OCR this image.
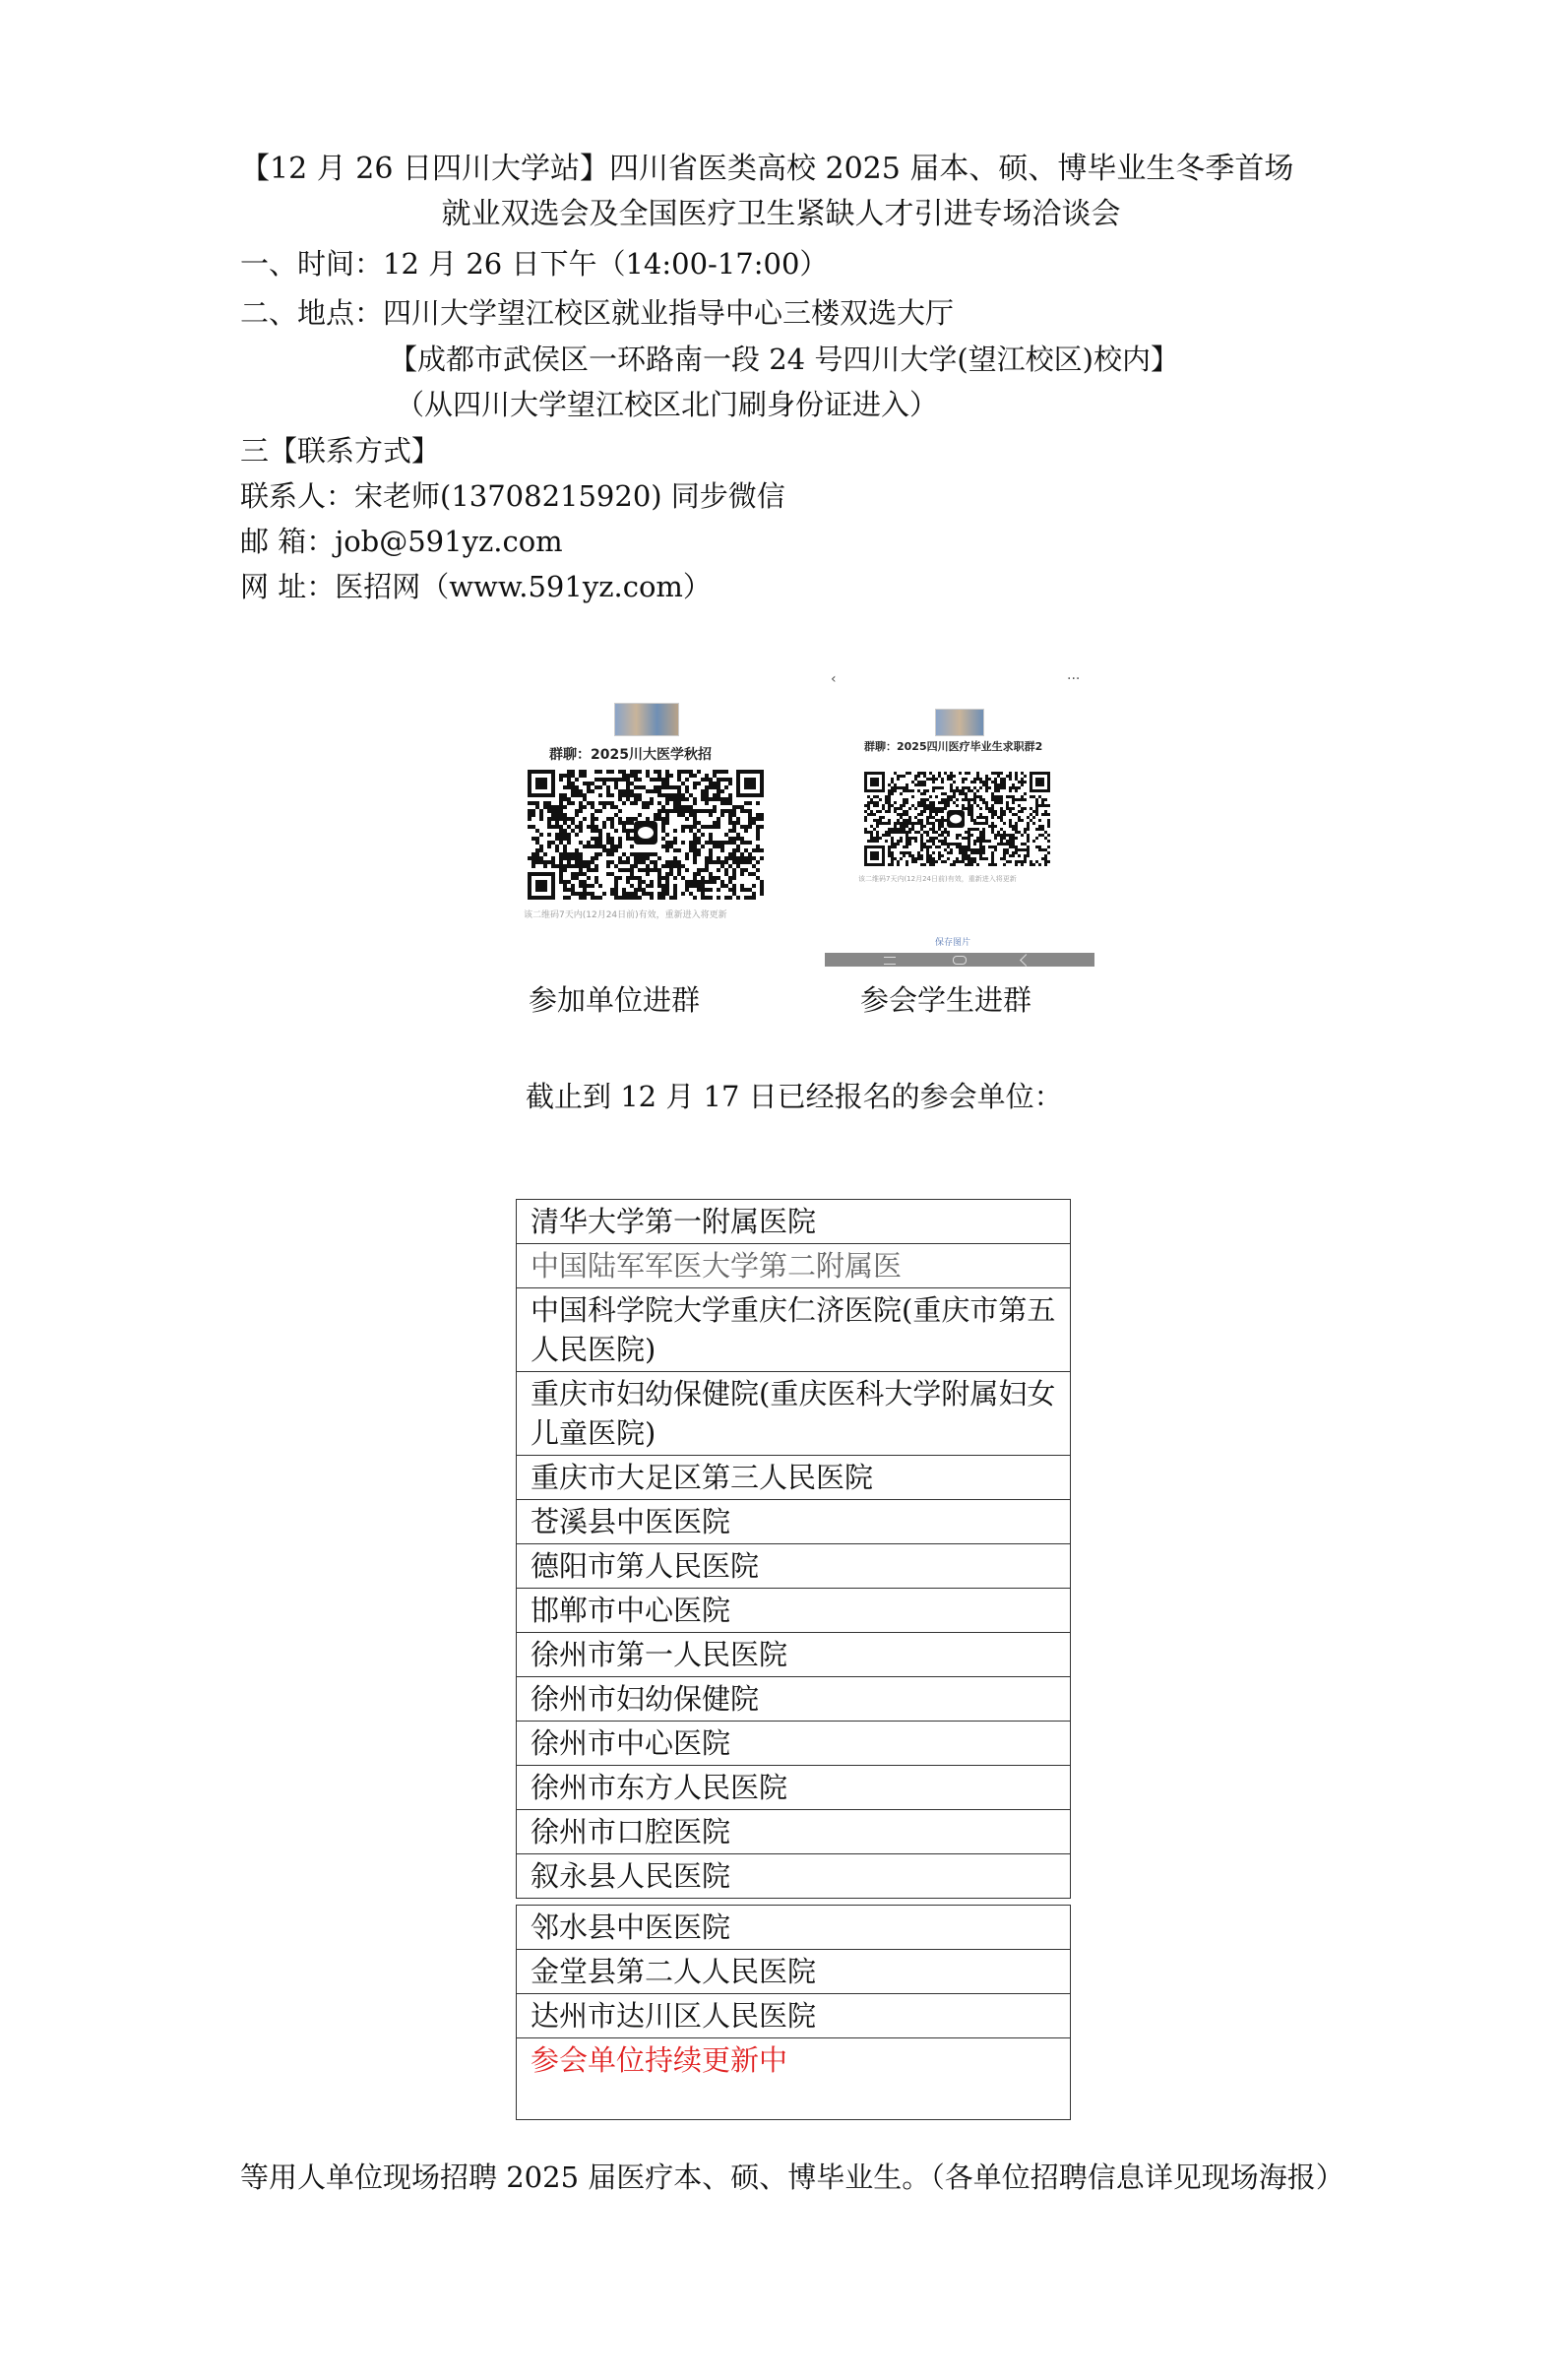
【12 月 26 日四川大学站】四川省医类高校 2025 届本、硕、博毕业生冬季首场
就业双选会及全国医疗卫生紧缺人才引进专场洽谈会
一、时间：12 月 26 日下午（14:00-17:00）
二、地点：四川大学望江校区就业指导中心三楼双选大厅
【成都市武侯区一环路南一段 24 号四川大学(望江校区)校内】
（从四川大学望江校区北门刷身份证进入）
三【联系方式】
联系人：宋老师(13708215920) 同步微信
邮 箱：job@591yz.com
网 址：医招网（www.591yz.com）
群聊：2025川大医学秋招
该二维码7天内(12月24日前)有效，重新进入将更新
参加单位进群
‹	···
群聊：2025四川医疗毕业生求职群2
该二维码7天内(12月24日前)有效，重新进入将更新
保存图片
参会学生进群
截止到 12 月 17 日已经报名的参会单位：
清华大学第一附属医院
中国陆军军医大学第二附属医
中国科学院大学重庆仁济医院(重庆市第五人民医院)
重庆市妇幼保健院(重庆医科大学附属妇女儿童医院)
重庆市大足区第三人民医院
苍溪县中医医院
德阳市第人民医院
邯郸市中心医院
徐州市第一人民医院
徐州市妇幼保健院
徐州市中心医院
徐州市东方人民医院
徐州市口腔医院
叙永县人民医院
邻水县中医医院
金堂县第二人人民医院
达州市达川区人民医院
参会单位持续更新中
等用人单位现场招聘 2025 届医疗本、硕、博毕业生。（各单位招聘信息详见现场海报）
